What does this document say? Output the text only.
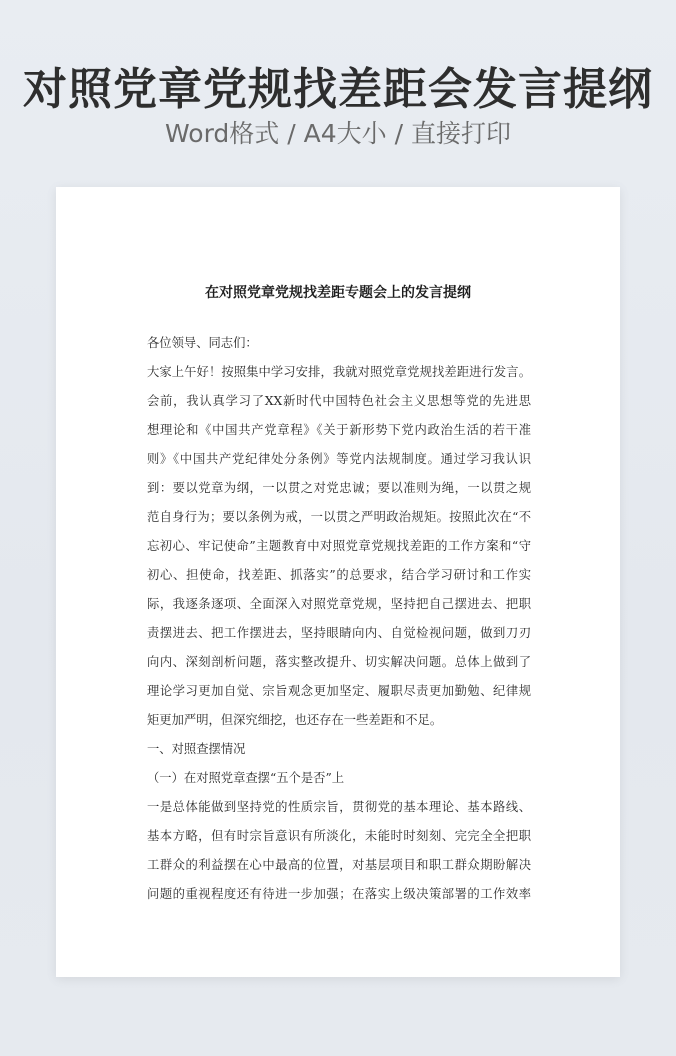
对照党章党规找差距会发言提纲
Word格式 / A4大小 / 直接打印
在对照党章党规找差距专题会上的发言提纲
各位领导、同志们：
大家上午好！按照集中学习安排，我就对照党章党规找差距进行发言。
会前，我认真学习了XX新时代中国特色社会主义思想等党的先进思
想理论和《中国共产党章程》《关于新形势下党内政治生活的若干准
则》《中国共产党纪律处分条例》等党内法规制度。通过学习我认识
到：要以党章为纲，一以贯之对党忠诚；要以准则为绳，一以贯之规
范自身行为；要以条例为戒，一以贯之严明政治规矩。按照此次在“不
忘初心、牢记使命”主题教育中对照党章党规找差距的工作方案和“守
初心、担使命，找差距、抓落实”的总要求，结合学习研讨和工作实
际，我逐条逐项、全面深入对照党章党规，坚持把自己摆进去、把职
责摆进去、把工作摆进去，坚持眼睛向内、自觉检视问题，做到刀刃
向内、深刻剖析问题，落实整改提升、切实解决问题。总体上做到了
理论学习更加自觉、宗旨观念更加坚定、履职尽责更加勤勉、纪律规
矩更加严明，但深究细挖，也还存在一些差距和不足。
一、对照查摆情况
（一）在对照党章查摆“五个是否”上
一是总体能做到坚持党的性质宗旨，贯彻党的基本理论、基本路线、
基本方略，但有时宗旨意识有所淡化，未能时时刻刻、完完全全把职
工群众的利益摆在心中最高的位置，对基层项目和职工群众期盼解决
问题的重视程度还有待进一步加强；在落实上级决策部署的工作效率
